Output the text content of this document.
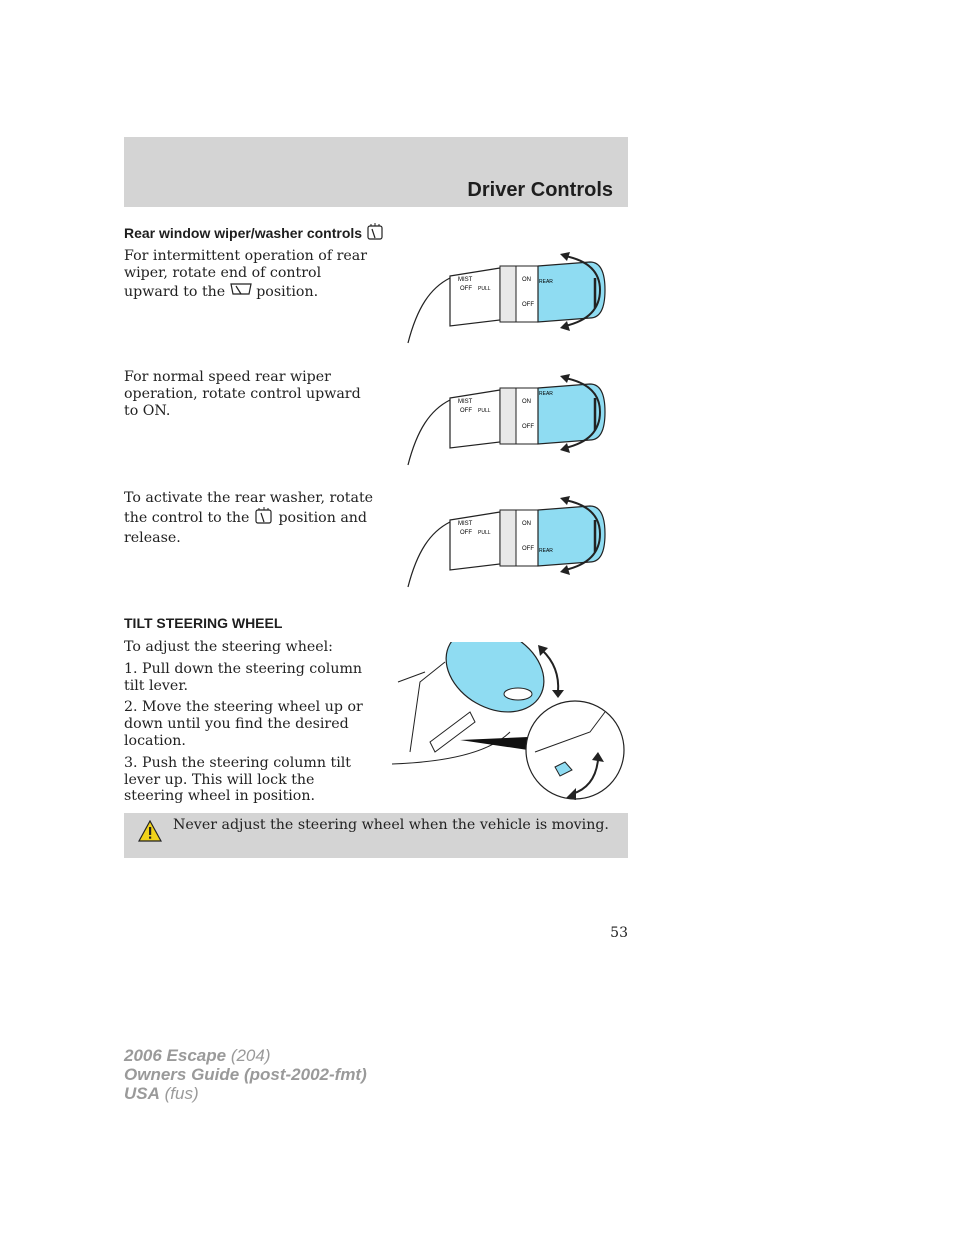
Driver Controls
Rear window wiper/washer controls
For intermittent operation of rear wiper, rotate end of control upward to the position.
For normal speed rear wiper operation, rotate control upward to ON.
To activate the rear washer, rotate the control to the position and release.
MIST
OFF PULL
ON
OFF
REAR
MIST
OFF PULL
ON
OFF
REAR
MIST
OFF PULL
ON
OFF REAR
TILT STEERING WHEEL

To adjust the steering wheel:

1. Pull down the steering column tilt lever.

2. Move the steering wheel up or down until you find the desired location.

3. Push the steering column tilt lever up. This will lock the steering wheel in position.

Never adjust the steering wheel when the vehicle is moving.
53
2006 Escape (204)
Owners Guide (post-2002-fmt)
USA (fus)
